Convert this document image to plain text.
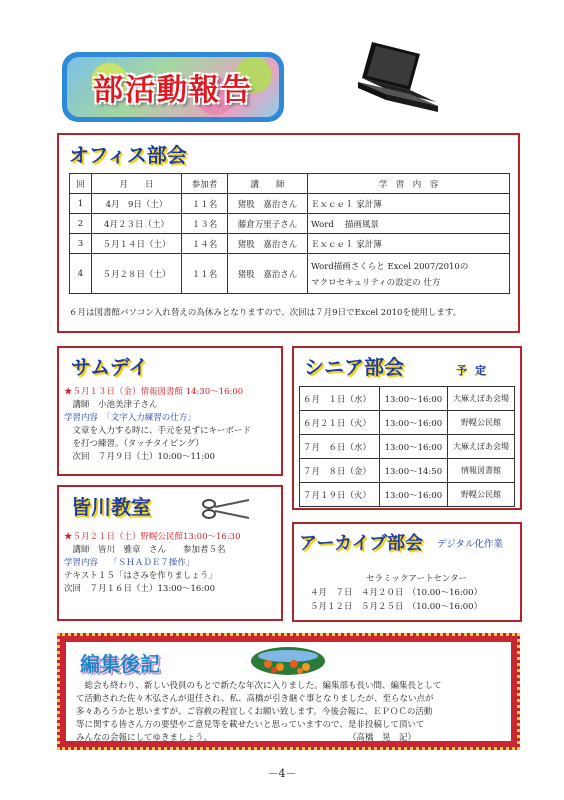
部活動報告
オフィス部会
回	月　　日	参加者	講　　師	学　習　内　容
1	4月　9日（土）	１１名	猪股　嘉治さん	Ｅｘｃｅｌ 家計簿
2	4月２３日（土）	１３名	藤倉万里子さん	Word　 描画風景
3	５月１４日（土）	１４名	猪股　嘉治さん	Ｅｘｃｅｌ 家計簿
4	５月２８日（土）	１１名	猪股　嘉治さん	Word描画さくらと Excel 2007/2010の
マクロセキュリティの設定の 仕方
６月は図書館パソコン入れ替えの為休みとなりますので、次回は７月9日でExcel 2010を使用します。
サムデイ
★５月１３日（金）情報図書館 14:30～16:00
　講師　小池美津子さん
学習内容　「文字入力練習の仕方」
　文章を入力する時に、手元を見ずにキーボード
　を打つ練習。（タッチタイピング）
　次回　７月９日（土）10:00～11:00
皆川教室
★５月２１日（土）野幌公民館13:00～16:30
　講師　皆川　雅章　さん　　参加者５名
学習内容　 「ＳＨＡＤＥ７操作」
テキスト１５「はさみを作りましょう」
次回　７月１６日（土）13:00～16:00
シニア部会	予定
６月　１日（水）	13:00～16:00	大麻えぽあ会場
６月２１日（火）	13:00～16:00	野幌公民館
７月　６日（水）	13:00～16:00	大麻えぽあ会場
７月　８日（金）	13:00～14:50	情報図書館
７月１９日（火）	13:00～16:00	野幌公民館
アーカイブ部会 デジタル化作業
セラミックアートセンター
４月　７日　４月２０日　（10.00～16:00）
５月１２日　５月２５日　（10.00～16:00）
編集後記
　総会も終わり、新しい役員のもとで新たな年次に入りました。編集部も長い間、編集長として
て活動された佐々木弘さんが退任され、私、高橋が引き継ぐ事となりましたが、至らない点が
多々あろうかと思いますが、ご容赦の程宜しくお願い致します。今後会報に、ＥＰＯＣの活動
等に関する皆さん方の要望やご意見等を載せたいと思っていますので、是非投稿して頂いて
みんなの会報にしてゆきましょう。　　　　　　　　　　　　　　　　　（高橋　晃　記）
－4－
